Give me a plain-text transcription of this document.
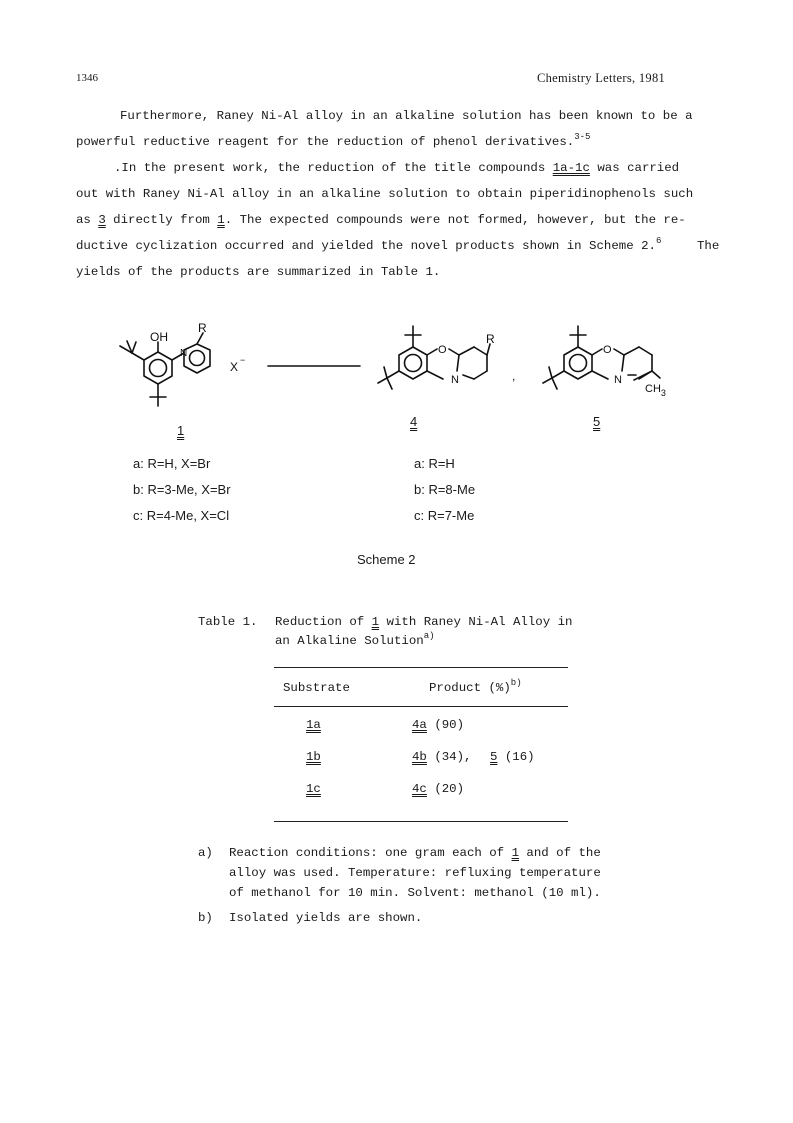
1346	Chemistry Letters, 1981
Furthermore, Raney Ni-Al alloy in an alkaline solution has been known to be a
powerful reductive reagent for the reduction of phenol derivatives.$^{3-5}$
.In the present work, the reduction of the title compounds 1a-1c was carried
out with Raney Ni-Al alloy in an alkaline solution to obtain piperidinophenols such
as 3 directly from 1. The expected compounds were not formed, however, but the re-
ductive cyclization occurred and yielded the novel products shown in Scheme 2.$^6$	The
yields of the products are summarized in Table 1.
OH
R
N
X −
O
N
R
,
O
N
$CH_3$
1
4	5
a: R=H, X=Br
b: R=3-Me, X=Br
c: R=4-Me, X=Cl
a: R=H
b: R=8-Me
c: R=7-Me
Scheme 2
Table 1. Reduction of 1 with Raney Ni-Al Alloy in
an Alkaline Solution$^{a)}$
Substrate	Product (%)$^{b)}$
1a	4a (90)
1b	4b (34), 5 (16)
1c	4c (20)
a) Reaction conditions: one gram each of 1 and of the
alloy was used. Temperature: refluxing temperature
of methanol for 10 min. Solvent: methanol (10 ml).
b) Isolated yields are shown.
